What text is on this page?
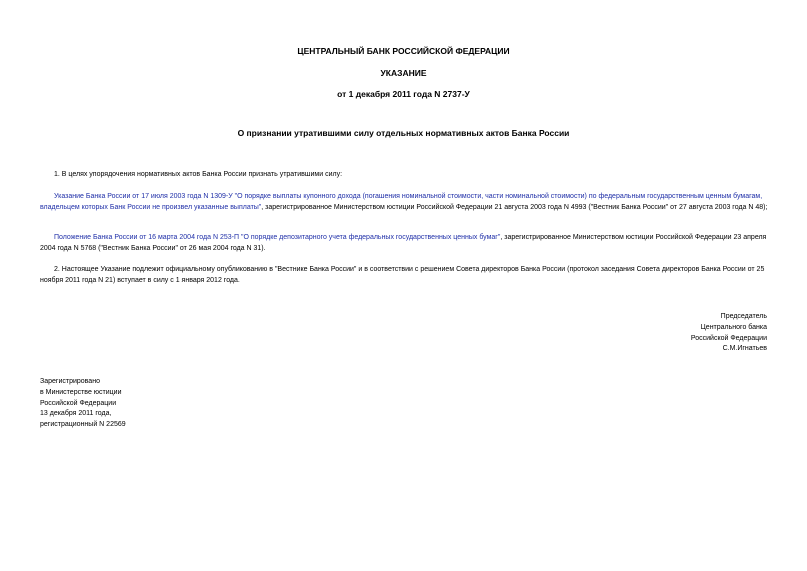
ЦЕНТРАЛЬНЫЙ БАНК РОССИЙСКОЙ ФЕДЕРАЦИИ
УКАЗАНИЕ
от 1 декабря 2011 года N 2737-У
О признании утратившими силу отдельных нормативных актов Банка России
1. В целях упорядочения нормативных актов Банка России признать утратившими силу:
Указание Банка России от 17 июля 2003 года N 1309-У "О порядке выплаты купонного дохода (погашения номинальной стоимости, части номинальной стоимости) по федеральным государственным ценным бумагам, владельцем которых Банк России не произвел указанные выплаты", зарегистрированное Министерством юстиции Российской Федерации 21 августа 2003 года N 4993 ("Вестник Банка России" от 27 августа 2003 года N 48);
Положение Банка России от 16 марта 2004 года N 253-П "О порядке депозитарного учета федеральных государственных ценных бумаг", зарегистрированное Министерством юстиции Российской Федерации 23 апреля 2004 года N 5768 ("Вестник Банка России" от 26 мая 2004 года N 31).
2. Настоящее Указание подлежит официальному опубликованию в "Вестнике Банка России" и в соответствии с решением Совета директоров Банка России (протокол заседания Совета директоров Банка России от 25 ноября 2011 года N 21) вступает в силу с 1 января 2012 года.
Председатель
Центрального банка
Российской Федерации
С.М.Игнатьев
Зарегистрировано
в Министерстве юстиции
Российской Федерации
13 декабря 2011 года,
регистрационный N 22569
